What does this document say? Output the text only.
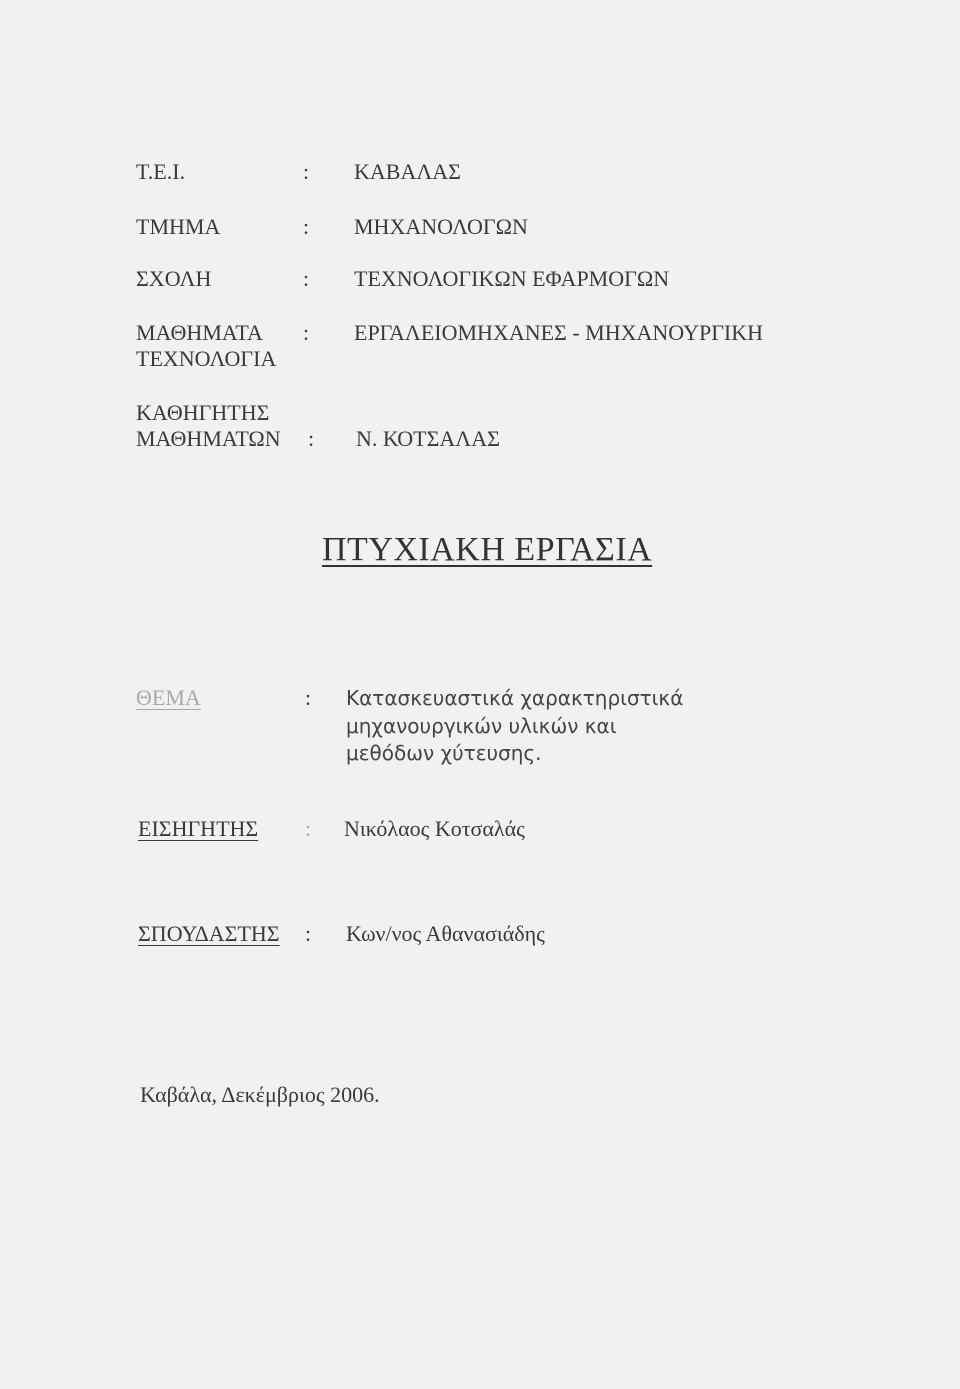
Τ.Ε.Ι.	: ΚΑΒΑΛΑΣ
ΤΜΗΜΑ	: ΜΗΧΑΝΟΛΟΓΩΝ
ΣΧΟΛΗ	: ΤΕΧΝΟΛΟΓΙΚΩΝ ΕΦΑΡΜΟΓΩΝ
ΜΑΘΗΜΑΤΑ : ΕΡΓΑΛΕΙΟΜΗΧΑΝΕΣ - ΜΗΧΑΝΟΥΡΓΙΚΗ
ΤΕΧΝΟΛΟΓΙΑ
ΚΑΘΗΓΗΤΗΣ
ΜΑΘΗΜΑΤΩΝ : Ν. ΚΟΤΣΑΛΑΣ
ΠΤΥΧΙΑΚΗ ΕΡΓΑΣΙΑ
ΘΕΜΑ	: Κατασκευαστικά χαρακτηριστικά
μηχανουργικών υλικών και
μεθόδων χύτευσης.
ΕΙΣΗΓΗΤΗΣ : Νικόλαος Κοτσαλάς
ΣΠΟΥΔΑΣΤΗΣ : Κων/νος Αθανασιάδης
Καβάλα, Δεκέμβριος 2006.
